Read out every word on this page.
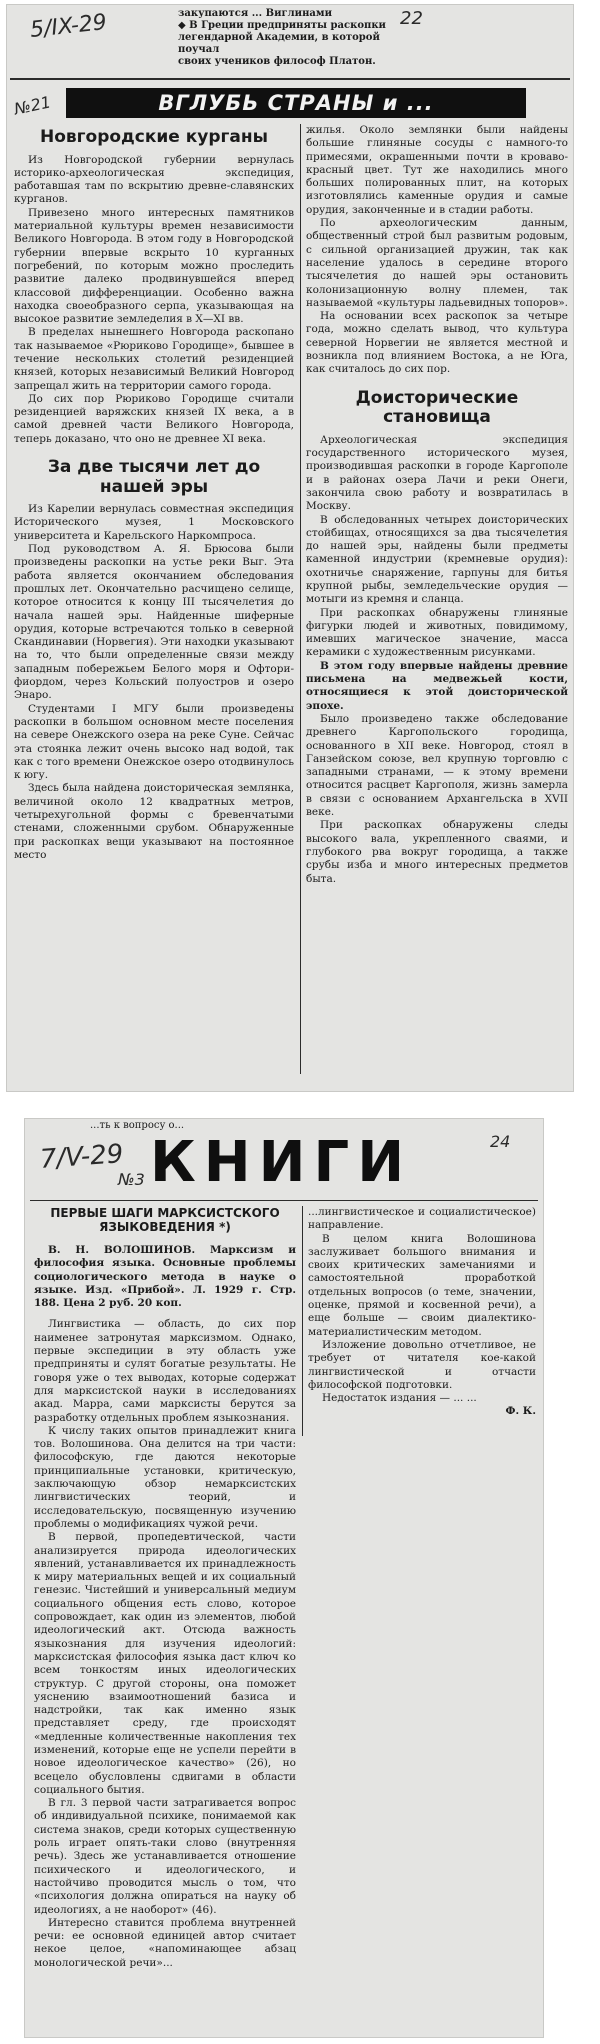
5/IX-29	22
закупаются ... Виглинами
◆ В Греции предприняты раскопки
легендарной Академии, в которой поучал
своих учеников философ Платон.
№21	ВГЛУБЬ СТРАНЫ и ...
Новгородские курганы

Из Новгородской губернии вернулась историко-археологическая экспедиция, работавшая там по вскрытию древне-славянских курганов.

Привезено много интересных памятников материальной культуры времен независимости Великого Новгорода. В этом году в Новгородской губернии впервые вскрыто 10 курганных погребений, по которым можно проследить развитие далеко продвинувшейся вперед классовой дифференциации. Особенно важна находка своеобразного серпа, указывающая на высокое развитие земледелия в X—XI вв.

В пределах нынешнего Новгорода раскопано так называемое «Рюриково Городище», бывшее в течение нескольких столетий резиденцией князей, которых независимый Великий Новгород запрещал жить на территории самого города.

До сих пор Рюриково Городище считали резиденцией варяжских князей IX века, а в самой древней части Великого Новгорода, теперь доказано, что оно не древнее XI века.

За две тысячи лет до нашей эры

Из Карелии вернулась совместная экспедиция Исторического музея, 1 Московского университета и Карельского Наркомпроса.

Под руководством А. Я. Брюсова были произведены раскопки на устье реки Выг. Эта работа является окончанием обследования прошлых лет. Окончательно расчищено селище, которое относится к концу III тысячелетия до начала нашей эры. Найденные шиферные орудия, которые встречаются только в северной Скандинавии (Норвегия). Эти находки указывают на то, что были определенные связи между западным побережьем Белого моря и Офтори-фиордом, через Кольский полуостров и озеро Энаро.

Студентами I МГУ были произведены раскопки в большом основном месте поселения на севере Онежского озера на реке Суне. Сейчас эта стоянка лежит очень высоко над водой, так как с того времени Онежское озеро отодвинулось к югу.

Здесь была найдена доисторическая землянка, величиной около 12 квадратных метров, четырехугольной формы с бревенчатыми стенами, сложенными срубом. Обнаруженные при раскопках вещи указывают на постоянное место

жилья. Около землянки были найдены большие глиняные сосуды с намного-то примесями, окрашенными почти в кроваво-красный цвет. Тут же находились много больших полированных плит, на которых изготовлялись каменные орудия и самые орудия, законченные и в стадии работы.

По археологическим данным, общественный строй был развитым родовым, с сильной организацией дружин, так как население удалось в середине второго тысячелетия до нашей эры остановить колонизационную волну племен, так называемой «культуры ладьевидных топоров».

На основании всех раскопок за четыре года, можно сделать вывод, что культура северной Норвегии не является местной и возникла под влиянием Востока, а не Юга, как считалось до сих пор.

Доисторические становища

Археологическая экспедиция государственного исторического музея, производившая раскопки в городе Каргополе и в районах озера Лачи и реки Онеги, закончила свою работу и возвратилась в Москву.

В обследованных четырех доисторических стойбищах, относящихся за два тысячелетия до нашей эры, найдены были предметы каменной индустрии (кремневые орудия): охотничье снаряжение, гарпуны для битья крупной рыбы, земледельческие орудия — мотыги из кремня и сланца.

При раскопках обнаружены глиняные фигурки людей и животных, повидимому, имевших магическое значение, масса керамики с художественным рисунками.

В этом году впервые найдены древние письмена на медвежьей кости, относящиеся к этой доисторической эпохе.

Было произведено также обследование древнего Каргопольского городища, основанного в XII веке. Новгород, стоял в Ганзейском союзе, вел крупную торговлю с западными странами, — к этому времени относится расцвет Каргополя, жизнь замерла в связи с основанием Архангельска в XVII веке.

При раскопках обнаружены следы высокого вала, укрепленного сваями, и глубокого рва вокруг городища, а также срубы изба и много интересных предметов быта.

...ть к вопросу о...
7/V-29
№3 КНИГИ	24
ПЕРВЫЕ ШАГИ МАРКСИСТСКОГО ЯЗЫКОВЕДЕНИЯ *)

В. Н. ВОЛОШИНОВ. Марксизм и философия языка. Основные проблемы социологического метода в науке о языке. Изд. «Прибой». Л. 1929 г. Стр. 188. Цена 2 руб. 20 коп.

Лингвистика — область, до сих пор наименее затронутая марксизмом. Однако, первые экспедиции в эту область уже предприняты и сулят богатые результаты. Не говоря уже о тех выводах, которые содержат для марксистской науки в исследованиях акад. Марра, сами марксисты берутся за разработку отдельных проблем языкознания.

К числу таких опытов принадлежит книга тов. Волошинова. Она делится на три части: философскую, где даются некоторые принципиальные установки, критическую, заключающую обзор немарксистских лингвистических теорий, и исследовательскую, посвященную изучению проблемы о модификациях чужой речи.

В первой, пропедевтической, части анализируется природа идеологических явлений, устанавливается их принадлежность к миру материальных вещей и их социальный генезис. Чистейший и универсальный медиум социального общения есть слово, которое сопровождает, как один из элементов, любой идеологический акт. Отсюда важность языкознания для изучения идеологий: марксистская философия языка даст ключ ко всем тонкостям иных идеологических структур. С другой стороны, она поможет уяснению взаимоотношений базиса и надстройки, так как именно язык представляет среду, где происходят «медленные количественные накопления тех изменений, которые еще не успели перейти в новое идеологическое качество» (26), но всецело обусловлены сдвигами в области социального бытия.

В гл. 3 первой части затрагивается вопрос об индивидуальной психике, понимаемой как система знаков, среди которых существенную роль играет опять-таки слово (внутренняя речь). Здесь же устанавливается отношение психического и идеологического, и настойчиво проводится мысль о том, что «психология должна опираться на науку об идеологиях, а не наоборот» (46).

Интересно ставится проблема внутренней речи: ее основной единицей автор считает некое целое, «напоминающее абзац монологической речи»...

...лингвистическое и социалистическое) направление.

В целом книга Волошинова заслуживает большого внимания и своих критических замечаниями и самостоятельной проработкой отдельных вопросов (о теме, значении, оценке, прямой и косвенной речи), а еще больше — своим диалектико-материалистическим методом.

Изложение довольно отчетливое, не требует от читателя кое-какой лингвистической и отчасти философской подготовки.

Недостаток издания — ... ...

Ф. К.
